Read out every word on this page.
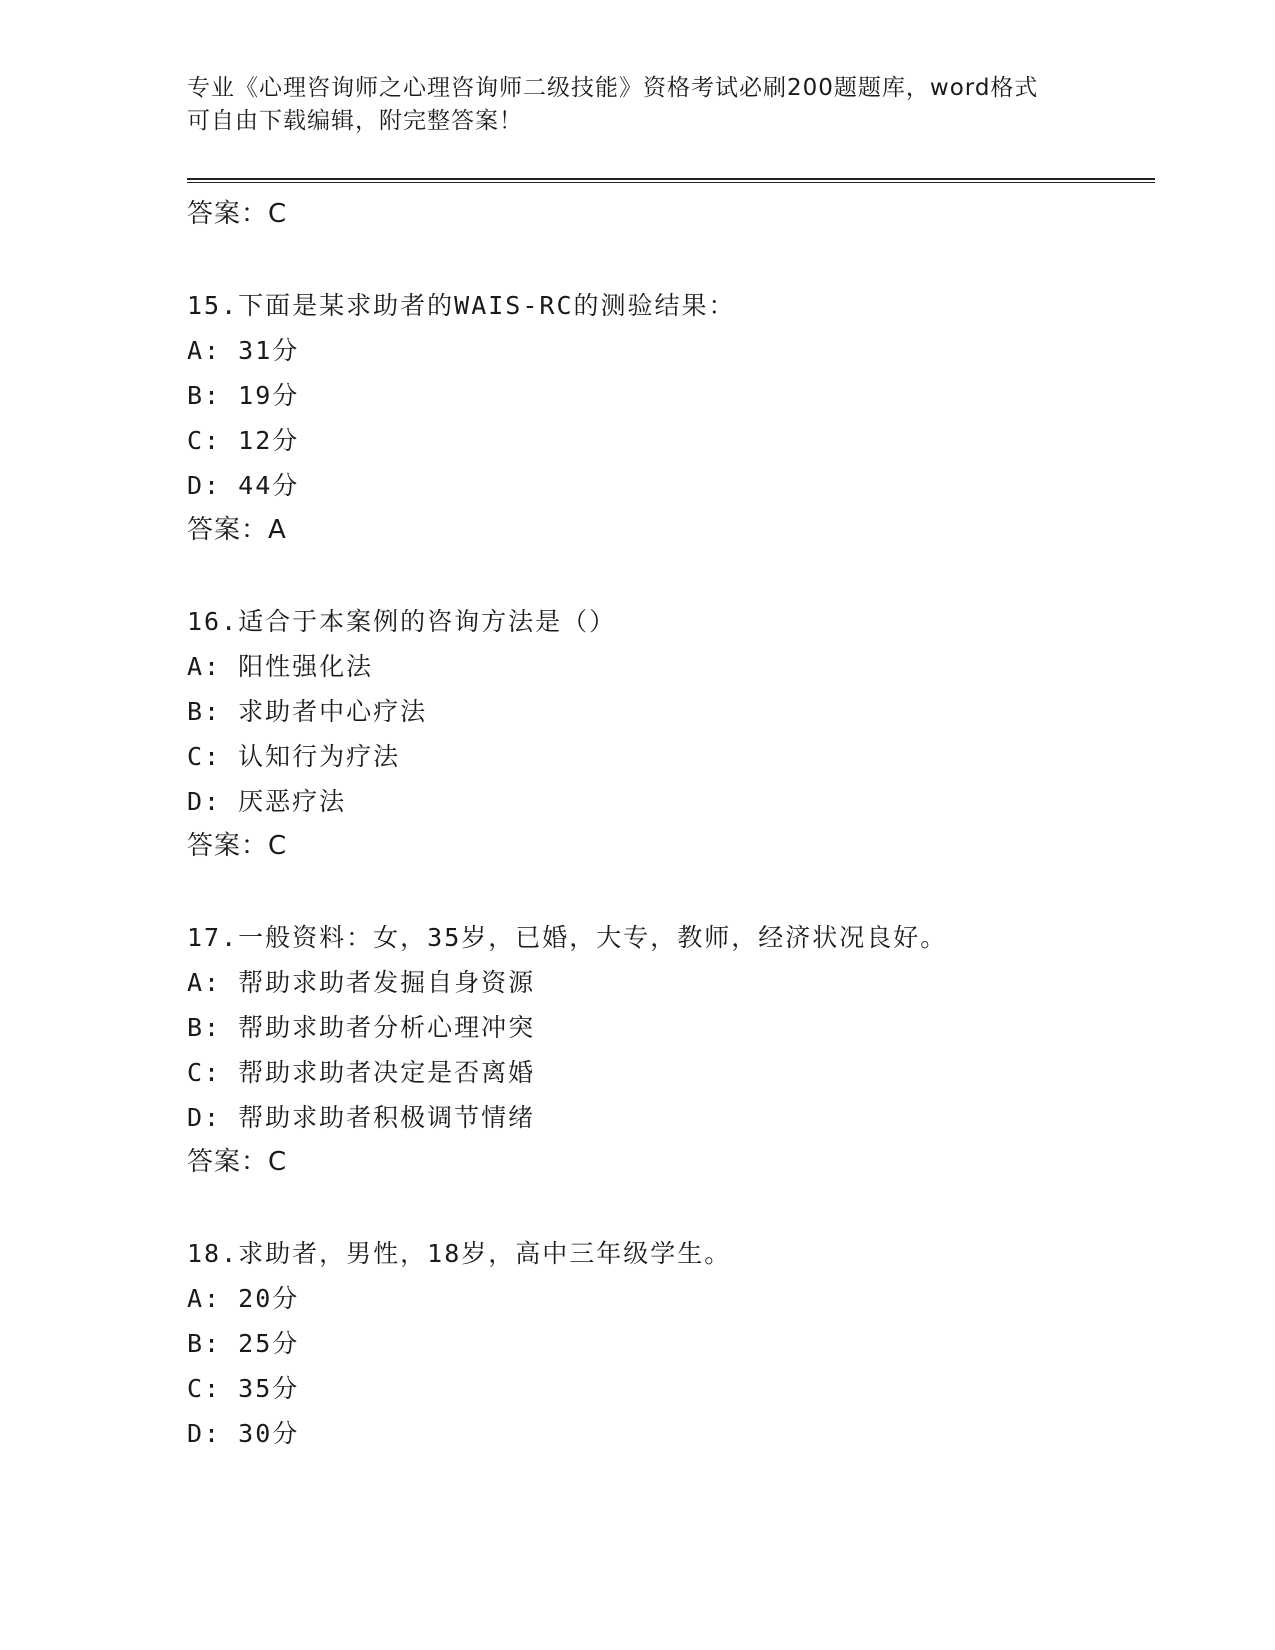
专业《心理咨询师之心理咨询师二级技能》资格考试必刷200题题库，word格式
可自由下载编辑，附完整答案！
答案：C
15.下面是某求助者的WAIS-RC的测验结果：
A: 31分
B: 19分
C: 12分
D: 44分
答案：A
16.适合于本案例的咨询方法是（）
A: 阳性强化法
B: 求助者中心疗法
C: 认知行为疗法
D: 厌恶疗法
答案：C
17.一般资料：女，35岁，已婚，大专，教师，经济状况良好。
A: 帮助求助者发掘自身资源
B: 帮助求助者分析心理冲突
C: 帮助求助者决定是否离婚
D: 帮助求助者积极调节情绪
答案：C
18.求助者，男性，18岁，高中三年级学生。
A: 20分
B: 25分
C: 35分
D: 30分
